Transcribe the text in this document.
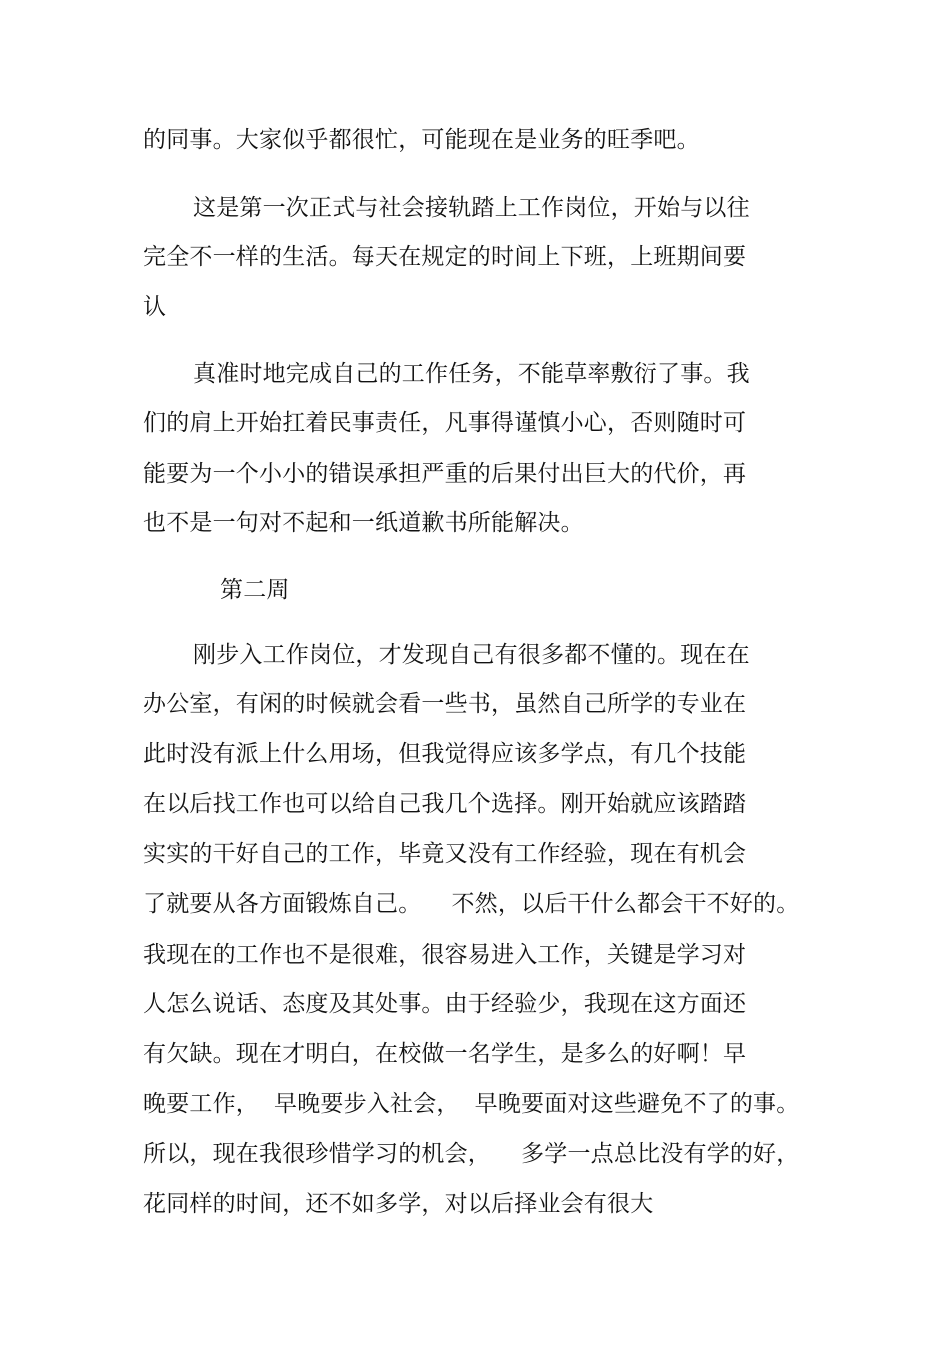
的同事。大家似乎都很忙，可能现在是业务的旺季吧。
这是第一次正式与社会接轨踏上工作岗位，开始与以往
完全不一样的生活。每天在规定的时间上下班，上班期间要
认
真准时地完成自己的工作任务，不能草率敷衍了事。我
们的肩上开始扛着民事责任，凡事得谨慎小心，否则随时可
能要为一个小小的错误承担严重的后果付出巨大的代价，再
也不是一句对不起和一纸道歉书所能解决。
第二周
刚步入工作岗位，才发现自己有很多都不懂的。现在在
办公室，有闲的时候就会看一些书，虽然自己所学的专业在
此时没有派上什么用场，但我觉得应该多学点，有几个技能
在以后找工作也可以给自己我几个选择。刚开始就应该踏踏
实实的干好自己的工作，毕竟又没有工作经验，现在有机会
了就要从各方面锻炼自己。    不然，以后干什么都会干不好的。
我现在的工作也不是很难，很容易进入工作，关键是学习对
人怎么说话、态度及其处事。由于经验少，我现在这方面还
有欠缺。现在才明白，在校做一名学生，是多么的好啊！早
晚要工作，  早晚要步入社会，  早晚要面对这些避免不了的事。
所以，现在我很珍惜学习的机会，    多学一点总比没有学的好，
花同样的时间，还不如多学，对以后择业会有很大
